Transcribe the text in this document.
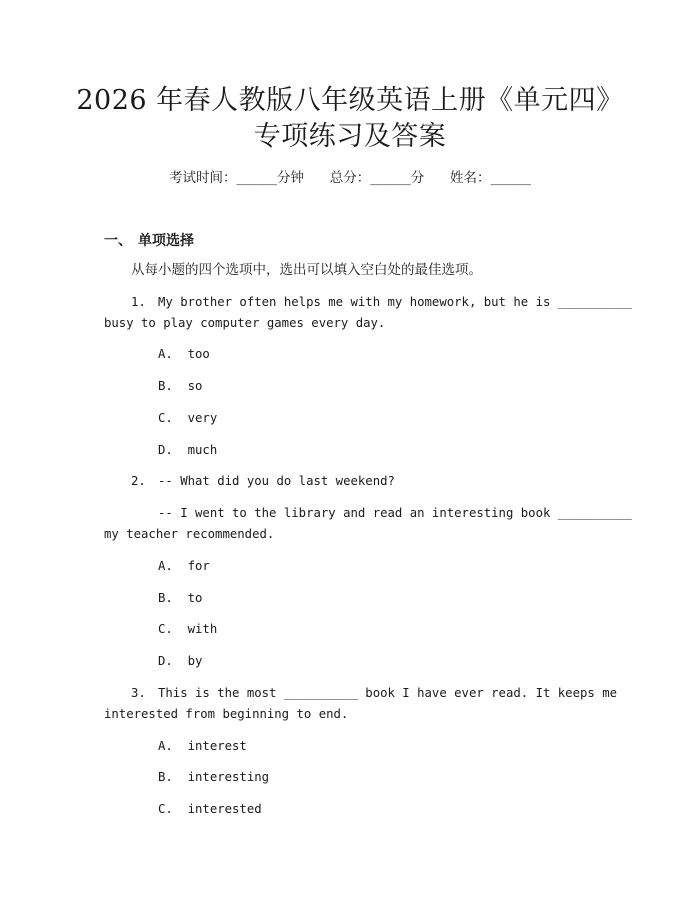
2026 年春人教版八年级英语上册《单元四》
专项练习及答案
考试时间：______分钟 总分：______分 姓名：______
一、 单项选择
从每小题的四个选项中，选出可以填入空白处的最佳选项。
1. My brother often helps me with my homework, but he is __________
busy to play computer games every day.
A.  too
B.  so
C.  very
D.  much
2. -- What did you do last weekend?
-- I went to the library and read an interesting book __________
my teacher recommended.
A.  for
B.  to
C.  with
D.  by
3. This is the most __________ book I have ever read. It keeps me
interested from beginning to end.
A.  interest
B.  interesting
C.  interested
